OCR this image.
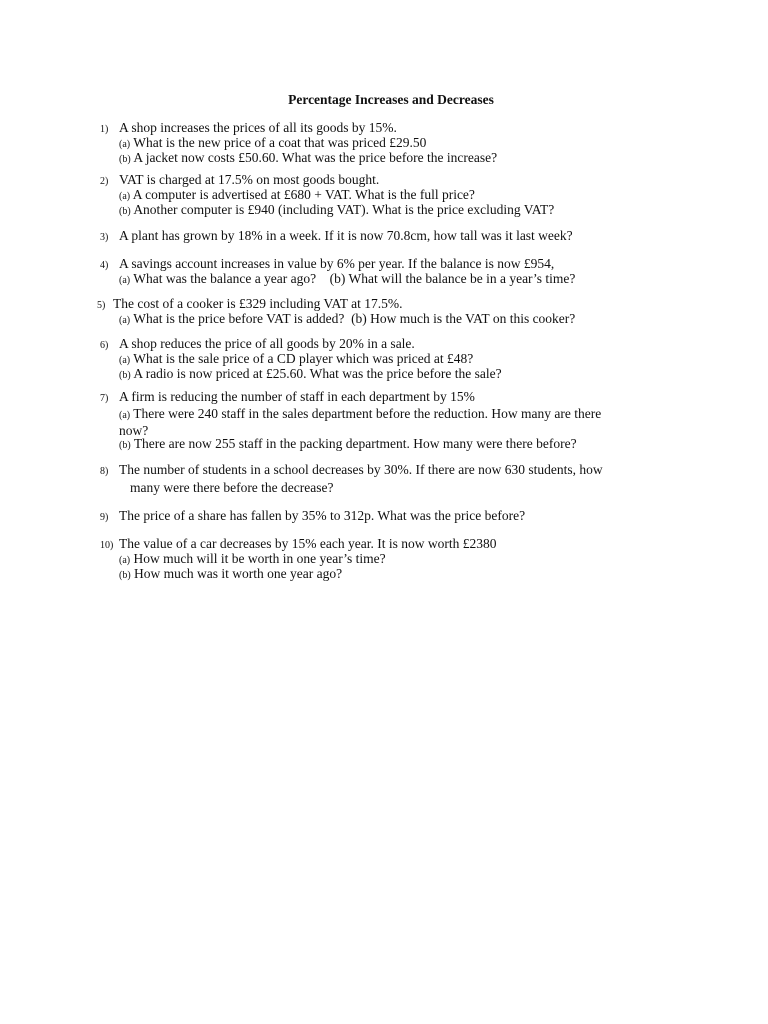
Percentage Increases and Decreases
1) A shop increases the prices of all its goods by 15%.
(a) What is the new price of a coat that was priced £29.50
(b) A jacket now costs £50.60. What was the price before the increase?
2) VAT is charged at 17.5% on most goods bought.
(a) A computer is advertised at £680 + VAT. What is the full price?
(b) Another computer is £940 (including VAT). What is the price excluding VAT?
3) A plant has grown by 18% in a week. If it is now 70.8cm, how tall was it last week?
4) A savings account increases in value by 6% per year. If the balance is now £954,
(a) What was the balance a year ago?    (b) What will the balance be in a year’s time?
5) The cost of a cooker is £329 including VAT at 17.5%.
(a) What is the price before VAT is added?  (b) How much is the VAT on this cooker?
6) A shop reduces the price of all goods by 20% in a sale.
(a) What is the sale price of a CD player which was priced at £48?
(b) A radio is now priced at £25.60. What was the price before the sale?
7) A firm is reducing the number of staff in each department by 15%
(a) There were 240 staff in the sales department before the reduction. How many are there
now?
(b) There are now 255 staff in the packing department. How many were there before?
8) The number of students in a school decreases by 30%. If there are now 630 students, how
many were there before the decrease?
9) The price of a share has fallen by 35% to 312p. What was the price before?
10) The value of a car decreases by 15% each year. It is now worth £2380
(a) How much will it be worth in one year’s time?
(b) How much was it worth one year ago?
